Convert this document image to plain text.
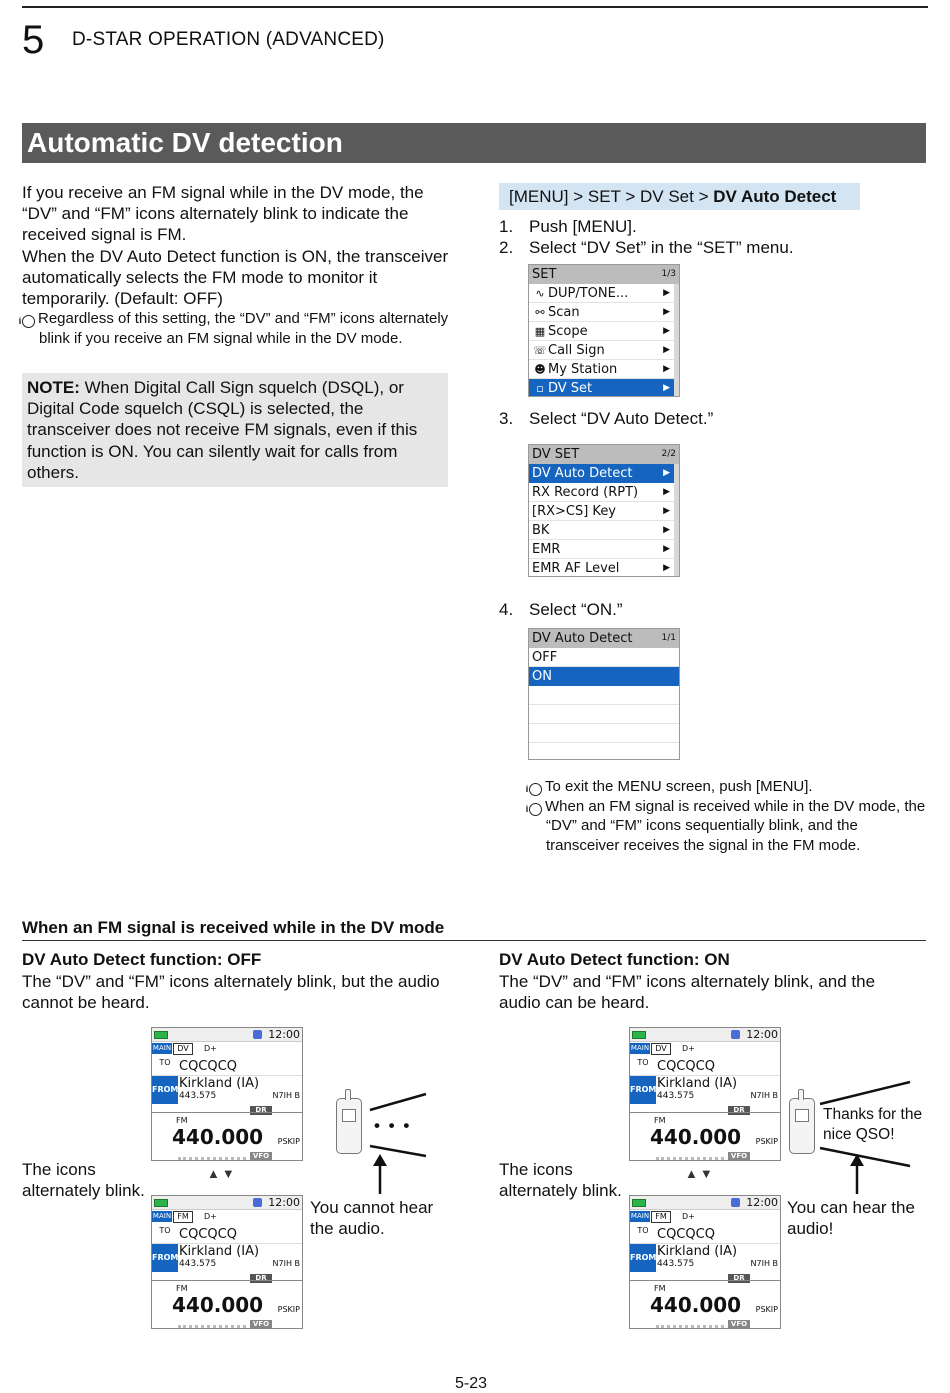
5 D-STAR OPERATION (ADVANCED)
Automatic DV detection
If you receive an FM signal while in the DV mode, the “DV” and “FM” icons alternately blink to indicate the received signal is FM.
When the DV Auto Detect function is ON, the transceiver automatically selects the FM mode to monitor it temporarily. (Default: OFF)
i Regardless of this setting, the “DV” and “FM” icons alternately blink if you receive an FM signal while in the DV mode.
NOTE: When Digital Call Sign squelch (DSQL), or Digital Code squelch (CSQL) is selected, the transceiver does not receive FM signals, even if this function is ON. You can silently wait for calls from others.
[MENU] > SET > DV Set > DV Auto Detect
1. Push [MENU].
2. Select “DV Set” in the “SET” menu.
SET	1/3
∿ DUP/TONE...	▶
⚯ Scan	▶
▦ Scope	▶
☏Call Sign	▶
☻ My Station	▶
▫ DV Set	▶
3. Select “DV Auto Detect.”
DV SET	2/2
DV Auto Detect	▶
RX Record (RPT)	▶
[RX>CS] Key	▶
BK	▶
EMR	▶
EMR AF Level	▶
4. Select “ON.”
DV Auto Detect	1/1
OFF
ON
i To exit the MENU screen, push [MENU].
i When an FM signal is received while in the DV mode, the “DV” and “FM” icons sequentially blink, and the transceiver receives the signal in the FM mode.
When an FM signal is received while in the DV mode
DV Auto Detect function: OFF
The “DV” and “FM” icons alternately blink, but the audio cannot be heard.
DV Auto Detect function: ON
The “DV” and “FM” icons alternately blink, and the audio can be heard.
The icons alternately blink.
The icons alternately blink.
▲▼	▲▼
12:00
MAIN DV	D+
TO CQCQCQ
FROM Kirkland (IA)
443.575	N7IH B
DR
FM
440.000 PSKIP
VFO
12:00
MAIN FM	D+
TO CQCQCQ
FROM Kirkland (IA)
443.575	N7IH B
DR
FM
440.000 PSKIP
VFO
12:00
MAIN DV	D+
TO CQCQCQ
FROM Kirkland (IA)
443.575	N7IH B
DR
FM
440.000 PSKIP
VFO
12:00
MAIN FM	D+
TO CQCQCQ
FROM Kirkland (IA)
443.575	N7IH B
DR
FM
440.000 PSKIP
VFO
• • •
You cannot hear the audio.
Thanks for the nice QSO!
You can hear the audio!
5-23
